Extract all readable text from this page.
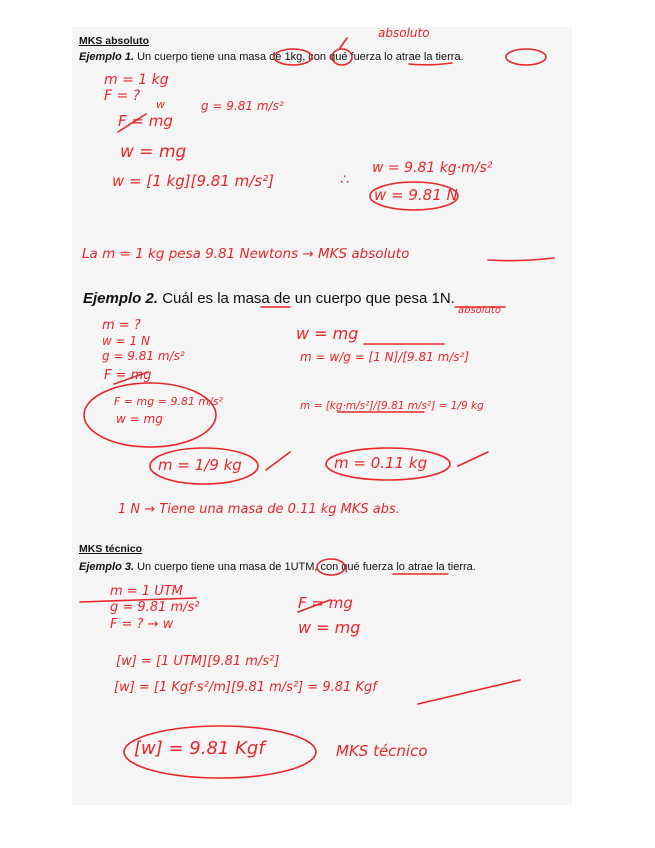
MKS absoluto
Ejemplo 1. Un cuerpo tiene una masa de 1kg, con qué fuerza lo atrae la tierra.
absoluto
m = 1 kg
F = ?
w
F = mg
g = 9.81 m/s²
w = mg
w = [1 kg][9.81 m/s²]	∴
w = 9.81 kg·m/s²
w = 9.81 N
La m = 1 kg pesa 9.81 Newtons → MKS absoluto
Ejemplo 2. Cuál es la masa de un cuerpo que pesa 1N.
absoluto
m = ?
w = 1 N
g = 9.81 m/s²
F = mg
F = mg = 9.81 m/s²
w = mg
w = mg
m = w/g = [1 N]/[9.81 m/s²]
m = [kg·m/s²]/[9.81 m/s²] = 1/9 kg
m = 1/9 kg	m = 0.11 kg
1 N → Tiene una masa de 0.11 kg MKS abs.
MKS técnico
Ejemplo 3. Un cuerpo tiene una masa de 1UTM, con qué fuerza lo atrae la tierra.
m = 1 UTM
g = 9.81 m/s²
F = ? → w
F = mg
w = mg
[w] = [1 UTM][9.81 m/s²]
[w] = [1 Kgf·s²/m][9.81 m/s²] = 9.81 Kgf
[w] = 9.81 Kgf	MKS técnico
